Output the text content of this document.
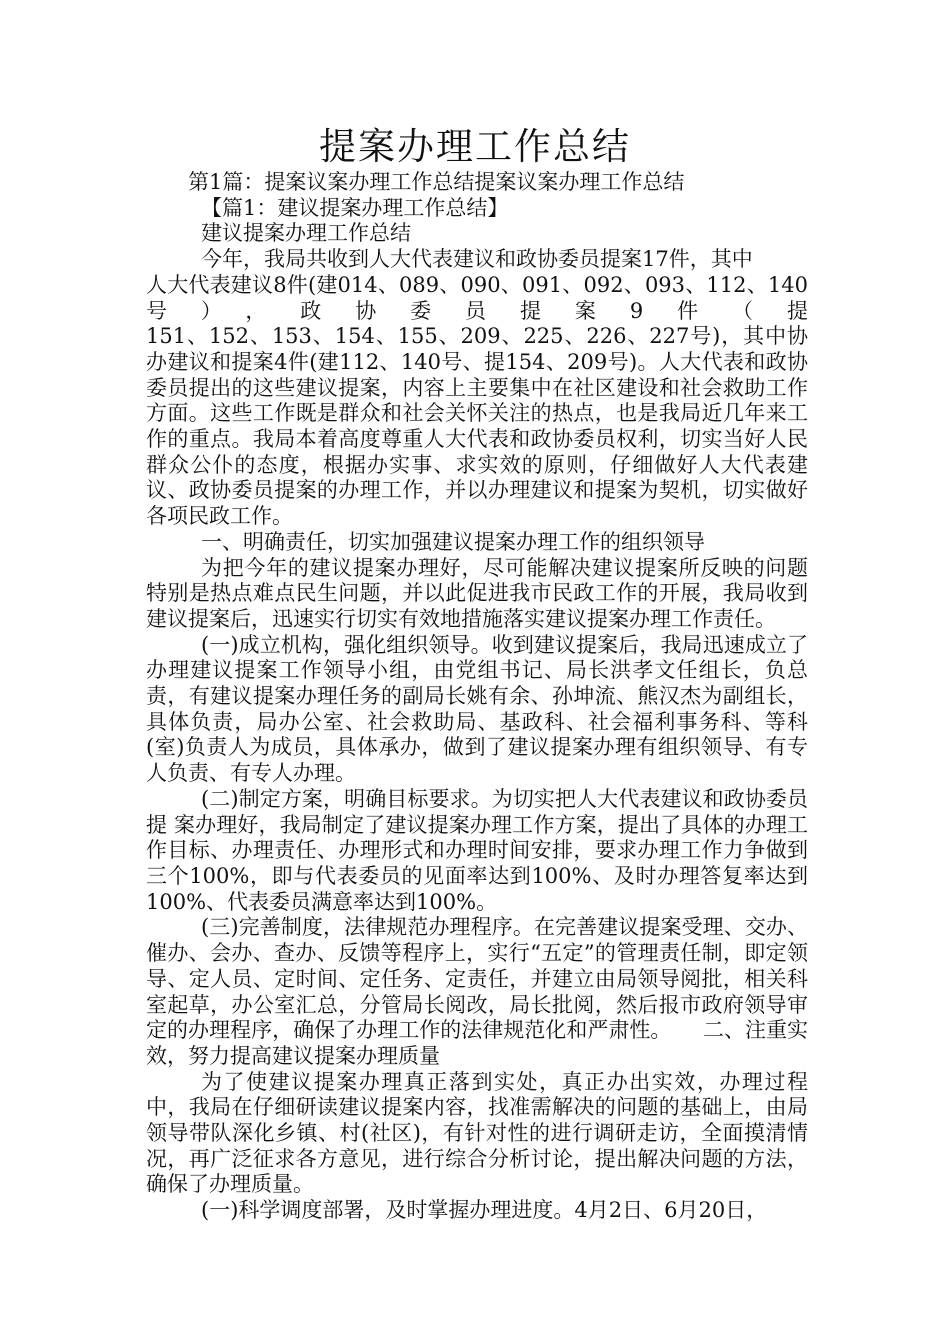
提案办理工作总结

第1篇：提案议案办理工作总结提案议案办理工作总结

【篇1：建议提案办理工作总结】

建议提案办理工作总结

今年，我局共收到人大代表建议和政协委员提案17件，其中

人大代表建议8件(建014、089、090、091、092、093、112、140

号），政协委员提案9件（提

151、152、153、154、155、209、225、226、227号)，其中协办建议和提案4件(建112、140号、提154、209号)。人大代表和政协委员提出的这些建议提案，内容上主要集中在社区建设和社会救助工作方面。这些工作既是群众和社会关怀关注的热点，也是我局近几年来工作的重点。我局本着高度尊重人大代表和政协委员权利，切实当好人民群众公仆的态度，根据办实事、求实效的原则，仔细做好人大代表建议、政协委员提案的办理工作，并以办理建议和提案为契机，切实做好各项民政工作。

一、明确责任，切实加强建议提案办理工作的组织领导

为把今年的建议提案办理好，尽可能解决建议提案所反映的问题特别是热点难点民生问题，并以此促进我市民政工作的开展，我局收到建议提案后，迅速实行切实有效地措施落实建议提案办理工作责任。

(一)成立机构，强化组织领导。收到建议提案后，我局迅速成立了办理建议提案工作领导小组，由党组书记、局长洪孝文任组长，负总责，有建议提案办理任务的副局长姚有余、孙坤流、熊汉杰为副组长，具体负责，局办公室、社会救助局、基政科、社会福利事务科、等科(室)负责人为成员，具体承办，做到了建议提案办理有组织领导、有专人负责、有专人办理。

(二)制定方案，明确目标要求。为切实把人大代表建议和政协委员提 案办理好，我局制定了建议提案办理工作方案，提出了具体的办理工作目标、办理责任、办理形式和办理时间安排，要求办理工作力争做到三个100%，即与代表委员的见面率达到100%、及时办理答复率达到100%、代表委员满意率达到100%。

(三)完善制度，法律规范办理程序。在完善建议提案受理、交办、催办、会办、查办、反馈等程序上，实行“五定”的管理责任制，即定领导、定人员、定时间、定任务、定责任，并建立由局领导阅批，相关科室起草，办公室汇总，分管局长阅改，局长批阅，然后报市政府领导审定的办理程序，确保了办理工作的法律规范化和严肃性。　　 二、注重实效，努力提高建议提案办理质量

为了使建议提案办理真正落到实处，真正办出实效，办理过程中，我局在仔细研读建议提案内容，找准需解决的问题的基础上，由局领导带队深化乡镇、村(社区)，有针对性的进行调研走访，全面摸清情况，再广泛征求各方意见，进行综合分析讨论，提出解决问题的方法，确保了办理质量。

(一)科学调度部署，及时掌握办理进度。4月2日、6月20日，
